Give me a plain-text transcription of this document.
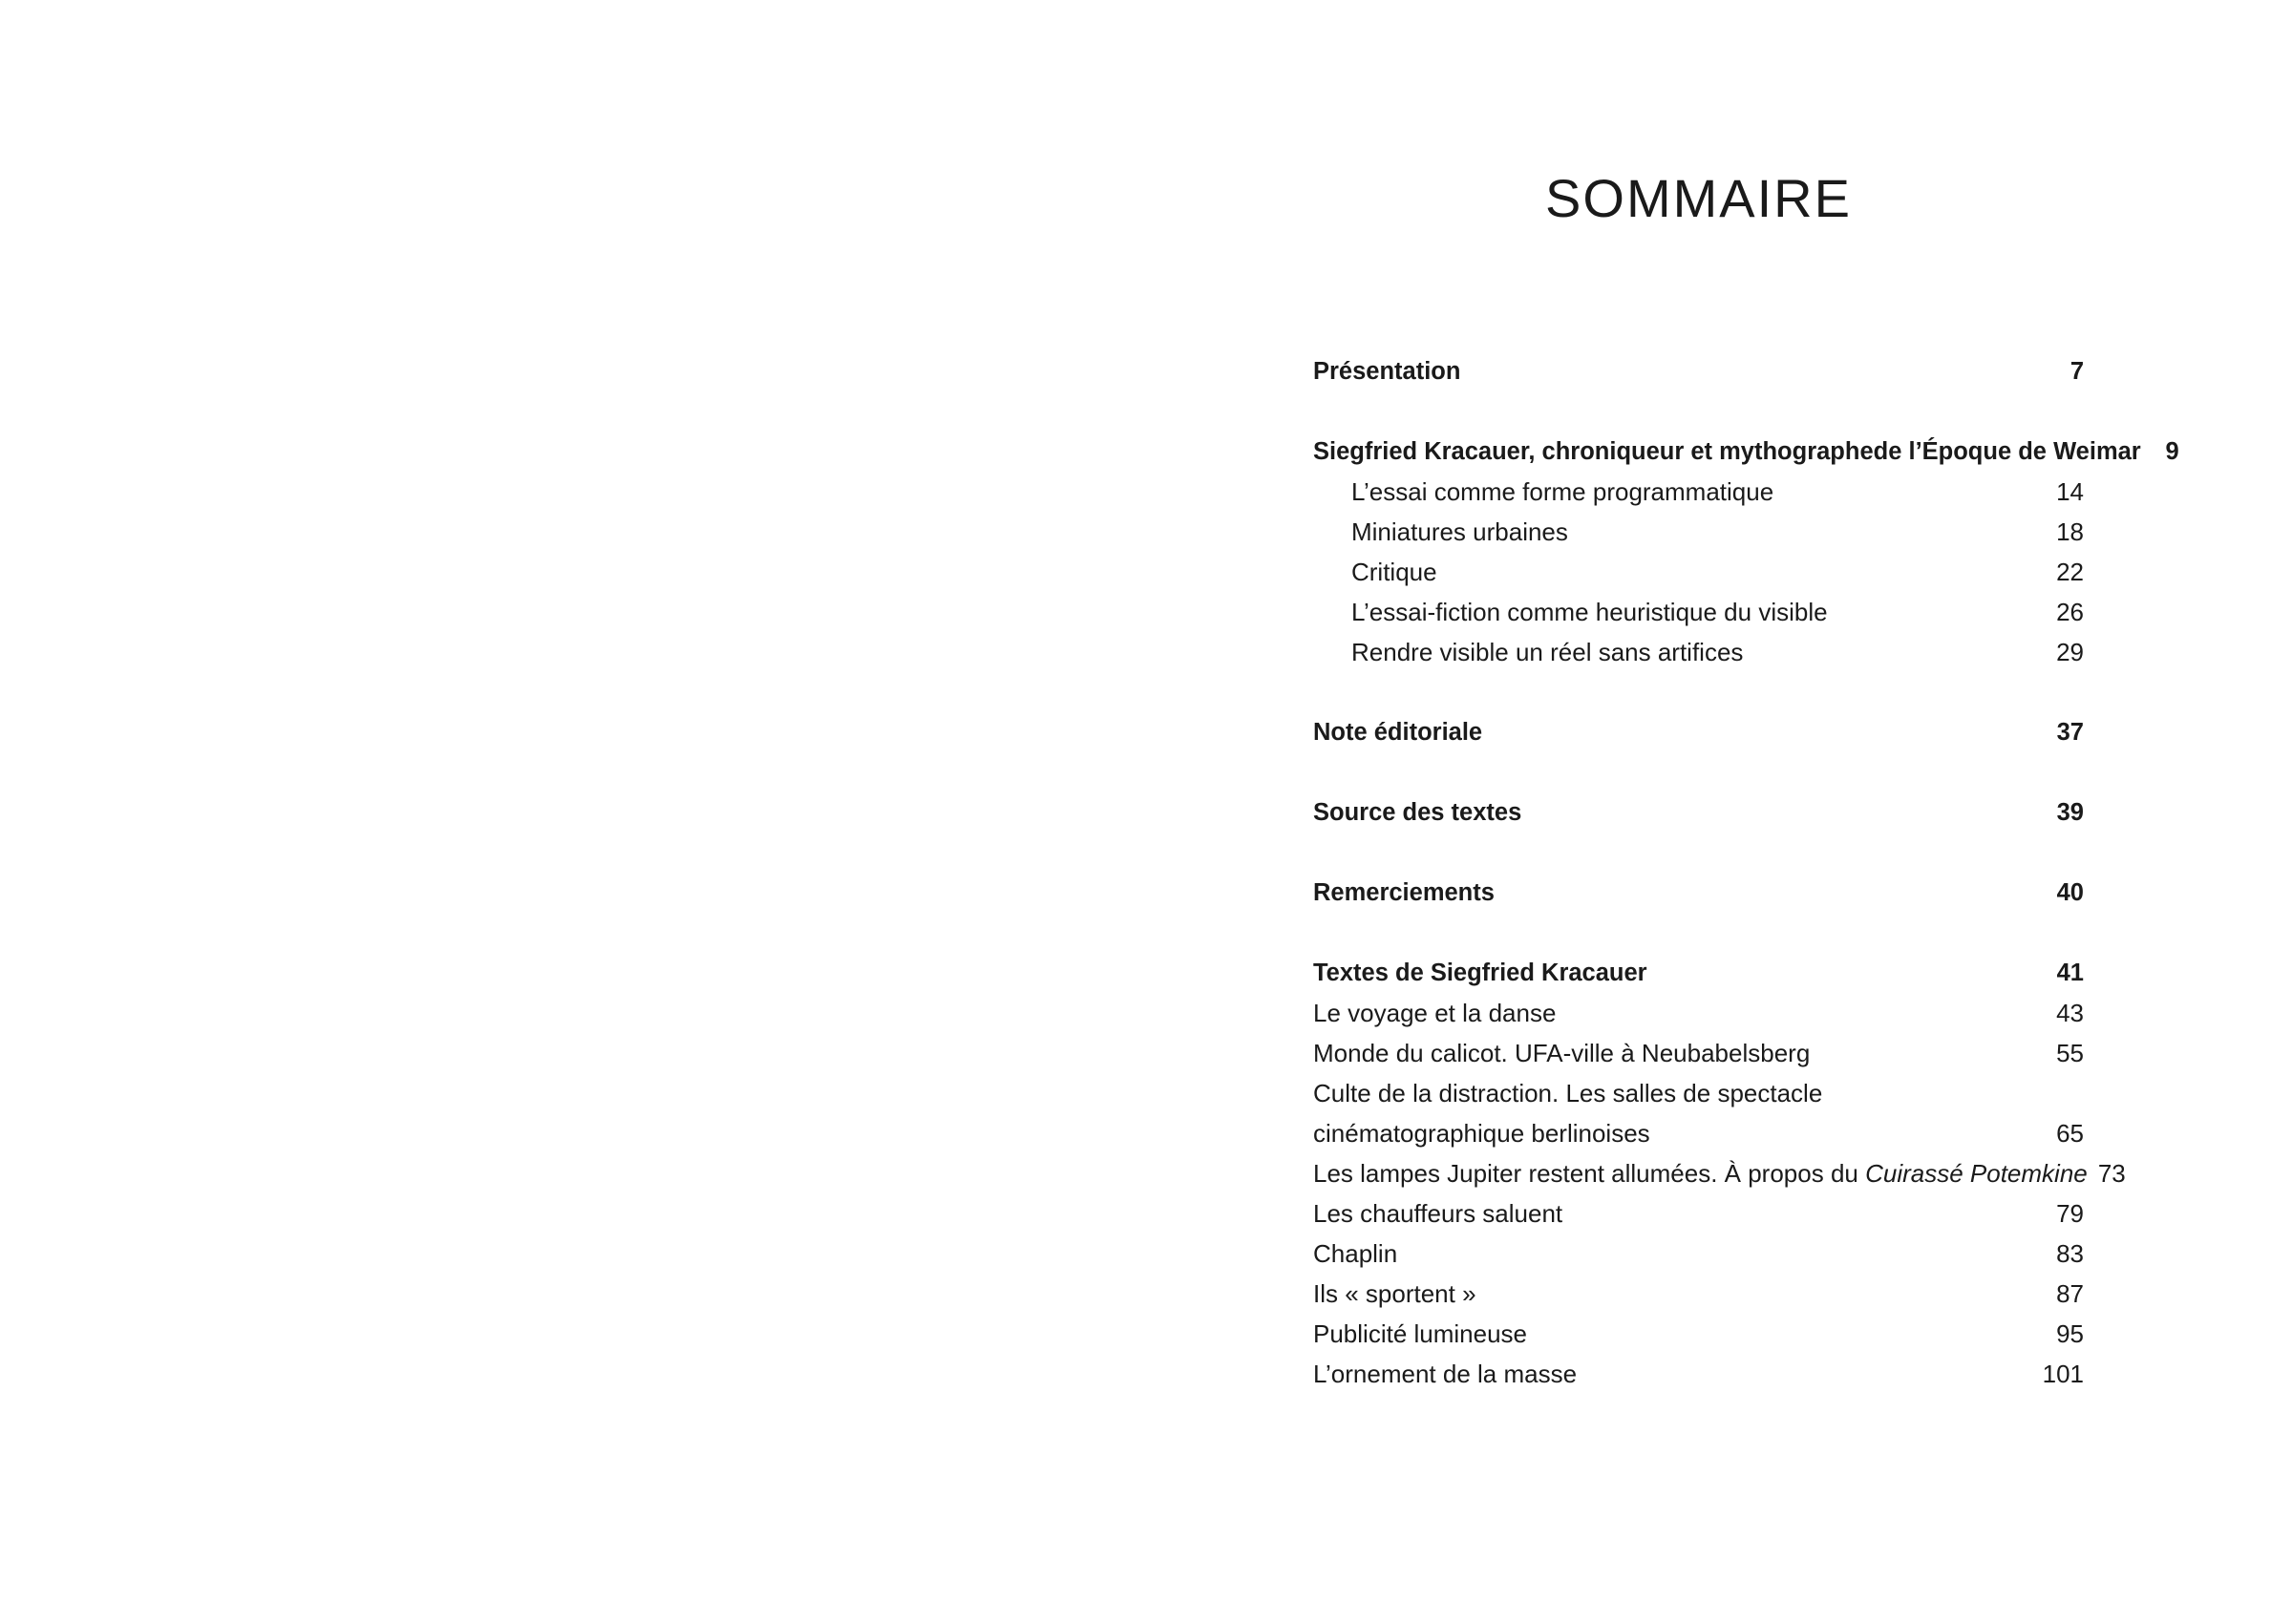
SOMMAIRE
Présentation	7
Siegfried Kracauer, chroniqueur et mythographede l’Époque de Weimar	9
L’essai comme forme programmatique	14
Miniatures urbaines	18
Critique	22
L’essai-fiction comme heuristique du visible	26
Rendre visible un réel sans artifices	29
Note éditoriale	37
Source des textes	39
Remerciements	40
Textes de Siegfried Kracauer	41
Le voyage et la danse	43
Monde du calicot. UFA-ville à Neubabelsberg	55
Culte de la distraction. Les salles de spectacle
cinématographique berlinoises	65
Les lampes Jupiter restent allumées. À propos du Cuirassé Potemkine 73
Les chauffeurs saluent	79
Chaplin	83
Ils « sportent »	87
Publicité lumineuse	95
L’ornement de la masse	101
